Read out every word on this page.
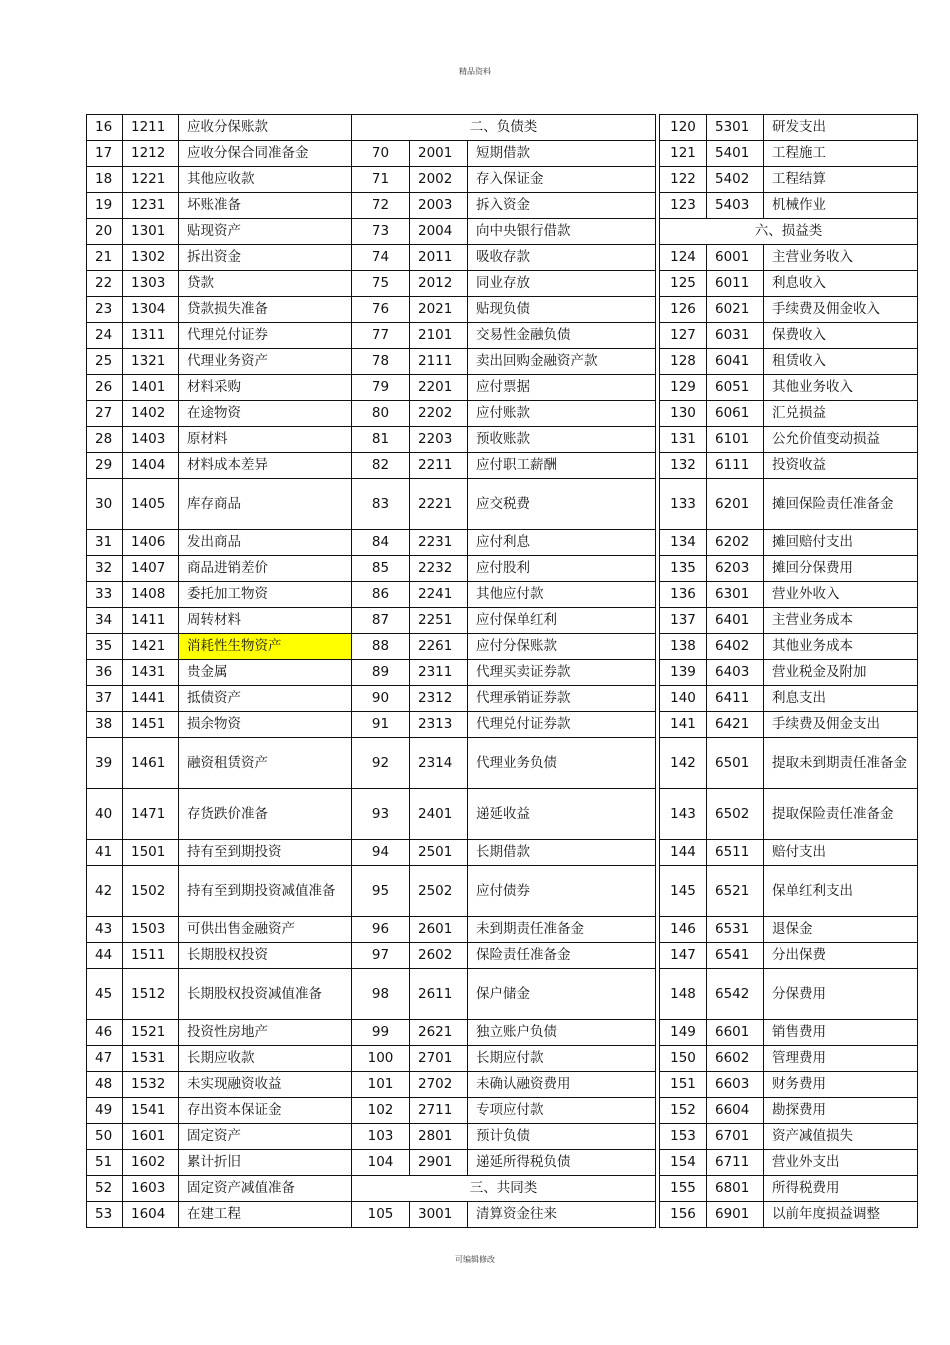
精品资料
16	1211	应收分保账款	二、负债类				120	5301	研发支出
17	1212	应收分保合同准备金	70	2001	短期借款		121	5401	工程施工
18	1221	其他应收款	71	2002	存入保证金		122	5402	工程结算
19	1231	坏账准备	72	2003	拆入资金		123	5403	机械作业
20	1301	贴现资产	73	2004	向中央银行借款		六、损益类		
21	1302	拆出资金	74	2011	吸收存款		124	6001	主营业务收入
22	1303	贷款	75	2012	同业存放		125	6011	利息收入
23	1304	贷款损失准备	76	2021	贴现负债		126	6021	手续费及佣金收入
24	1311	代理兑付证券	77	2101	交易性金融负债		127	6031	保费收入
25	1321	代理业务资产	78	2111	卖出回购金融资产款		128	6041	租赁收入
26	1401	材料采购	79	2201	应付票据		129	6051	其他业务收入
27	1402	在途物资	80	2202	应付账款		130	6061	汇兑损益
28	1403	原材料	81	2203	预收账款		131	6101	公允价值变动损益
29	1404	材料成本差异	82	2211	应付职工薪酬		132	6111	投资收益
30	1405	库存商品	83	2221	应交税费		133	6201	摊回保险责任准备金
31	1406	发出商品	84	2231	应付利息		134	6202	摊回赔付支出
32	1407	商品进销差价	85	2232	应付股利		135	6203	摊回分保费用
33	1408	委托加工物资	86	2241	其他应付款		136	6301	营业外收入
34	1411	周转材料	87	2251	应付保单红利		137	6401	主营业务成本
35	1421	消耗性生物资产	88	2261	应付分保账款		138	6402	其他业务成本
36	1431	贵金属	89	2311	代理买卖证券款		139	6403	营业税金及附加
37	1441	抵债资产	90	2312	代理承销证券款		140	6411	利息支出
38	1451	损余物资	91	2313	代理兑付证券款		141	6421	手续费及佣金支出
39	1461	融资租赁资产	92	2314	代理业务负债		142	6501	提取未到期责任准备金
40	1471	存货跌价准备	93	2401	递延收益		143	6502	提取保险责任准备金
41	1501	持有至到期投资	94	2501	长期借款		144	6511	赔付支出
42	1502	持有至到期投资减值准备	95	2502	应付债券		145	6521	保单红利支出
43	1503	可供出售金融资产	96	2601	未到期责任准备金		146	6531	退保金
44	1511	长期股权投资	97	2602	保险责任准备金		147	6541	分出保费
45	1512	长期股权投资减值准备	98	2611	保户储金		148	6542	分保费用
46	1521	投资性房地产	99	2621	独立账户负债		149	6601	销售费用
47	1531	长期应收款	100	2701	长期应付款		150	6602	管理费用
48	1532	未实现融资收益	101	2702	未确认融资费用		151	6603	财务费用
49	1541	存出资本保证金	102	2711	专项应付款		152	6604	勘探费用
50	1601	固定资产	103	2801	预计负债		153	6701	资产减值损失
51	1602	累计折旧	104	2901	递延所得税负债		154	6711	营业外支出
52	1603	固定资产减值准备	三、共同类				155	6801	所得税费用
53	1604	在建工程	105	3001	清算资金往来		156	6901	以前年度损益调整
可编辑修改
